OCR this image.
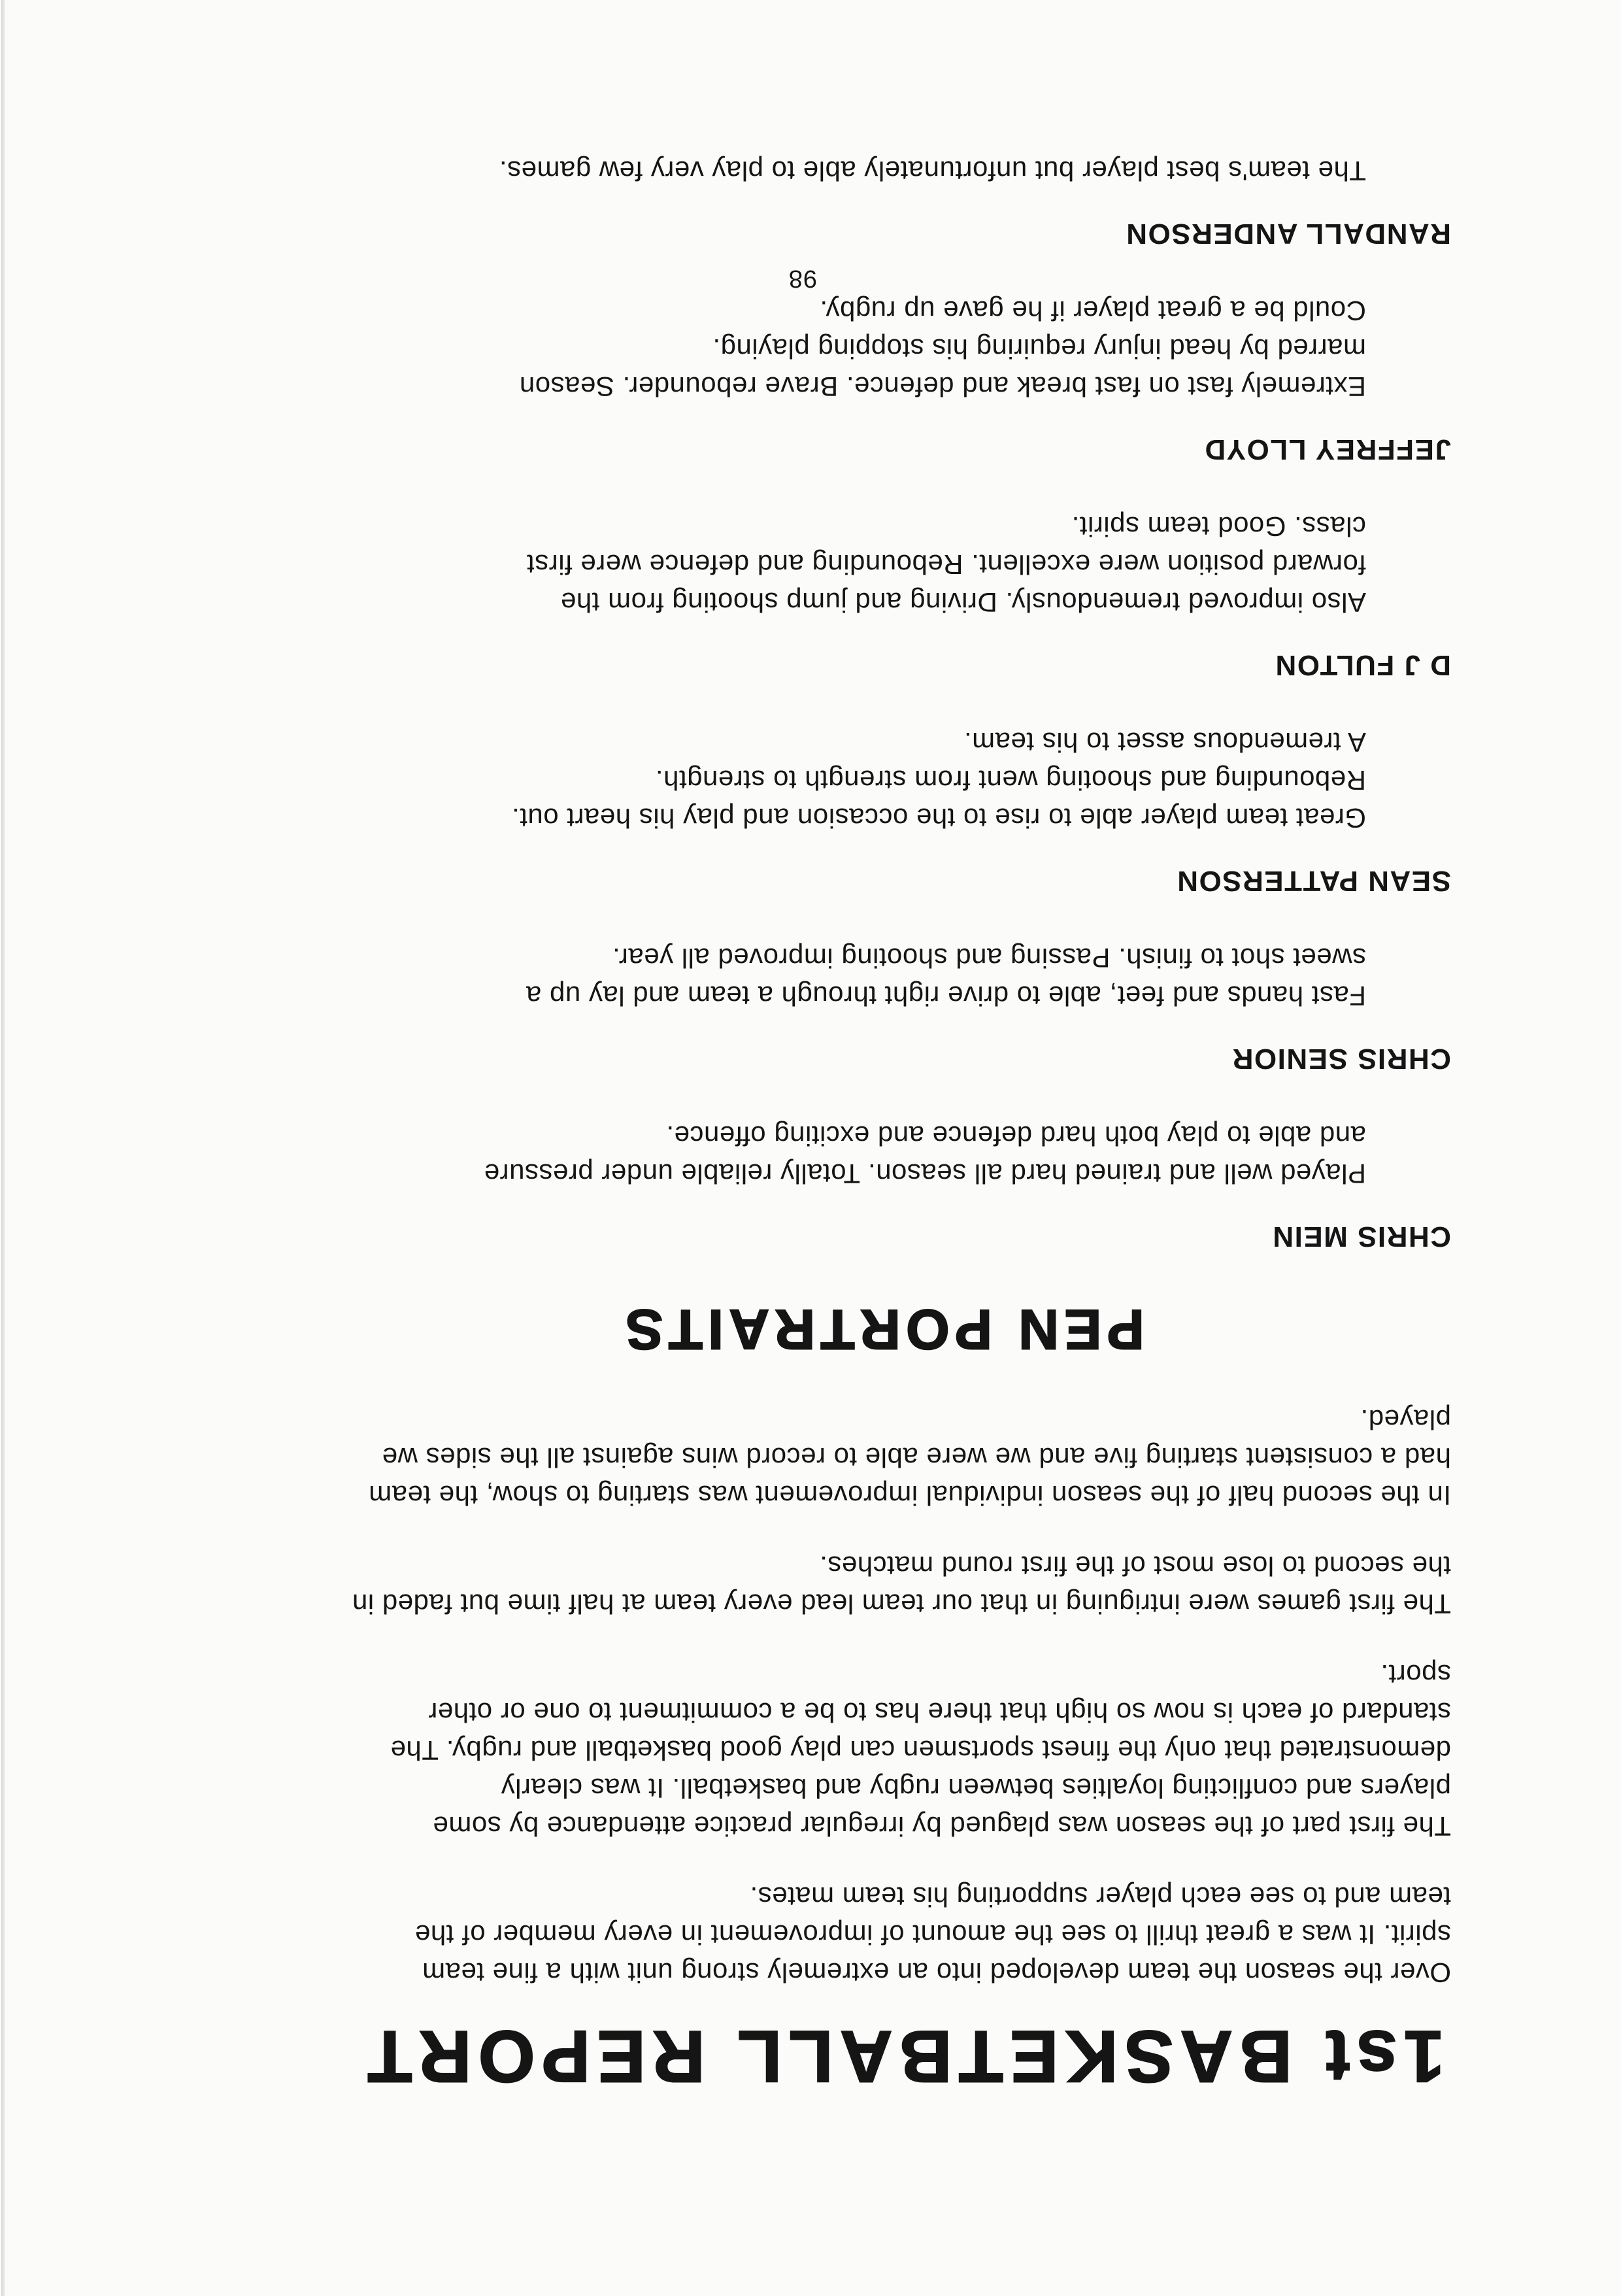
1st BASKETBALL REPORT

Over the season the team developed into an extremely strong unit with a fine team
spirit. It was a great thrill to see the amount of improvement in every member of the
team and to see each player supporting his team mates.

The first part of the season was plagued by irregular practice attendance by some
players and conflicting loyalties between rugby and basketball. It was clearly
demonstrated that only the finest sportsmen can play good basketball and rugby. The
standard of each is now so high that there has to be a commitment to one or other
sport.

The first games were intriguing in that our team lead every team at half time but faded in
the second to lose most of the first round matches.

In the second half of the season individual improvement was starting to show, the team
had a consistent starting five and we were able to record wins against all the sides we
played.

PEN PORTRAITS

CHRIS MEIN

Played well and trained hard all season. Totally reliable under pressure
and able to play both hard defence and exciting offence.

CHRIS SENIOR

Fast hands and feet, able to drive right through a team and lay up a
sweet shot to finish. Passing and shooting improved all year.

SEAN PATTERSON

Great team player able to rise to the occasion and play his heart out.
Rebounding and shooting went from strength to strength.
A tremendous asset to his team.

D J FULTON

Also improved tremendously. Driving and jump shooting from the
forward position were excellent. Rebounding and defence were first
class. Good team spirit.

JEFFREY LLOYD

Extremely fast on fast break and defence. Brave rebounder. Season
marred by head injury requiring his stopping playing.
Could be a great player if he gave up rugby.

RANDALL ANDERSON

The team's best player but unfortunately able to play very few games.

98
